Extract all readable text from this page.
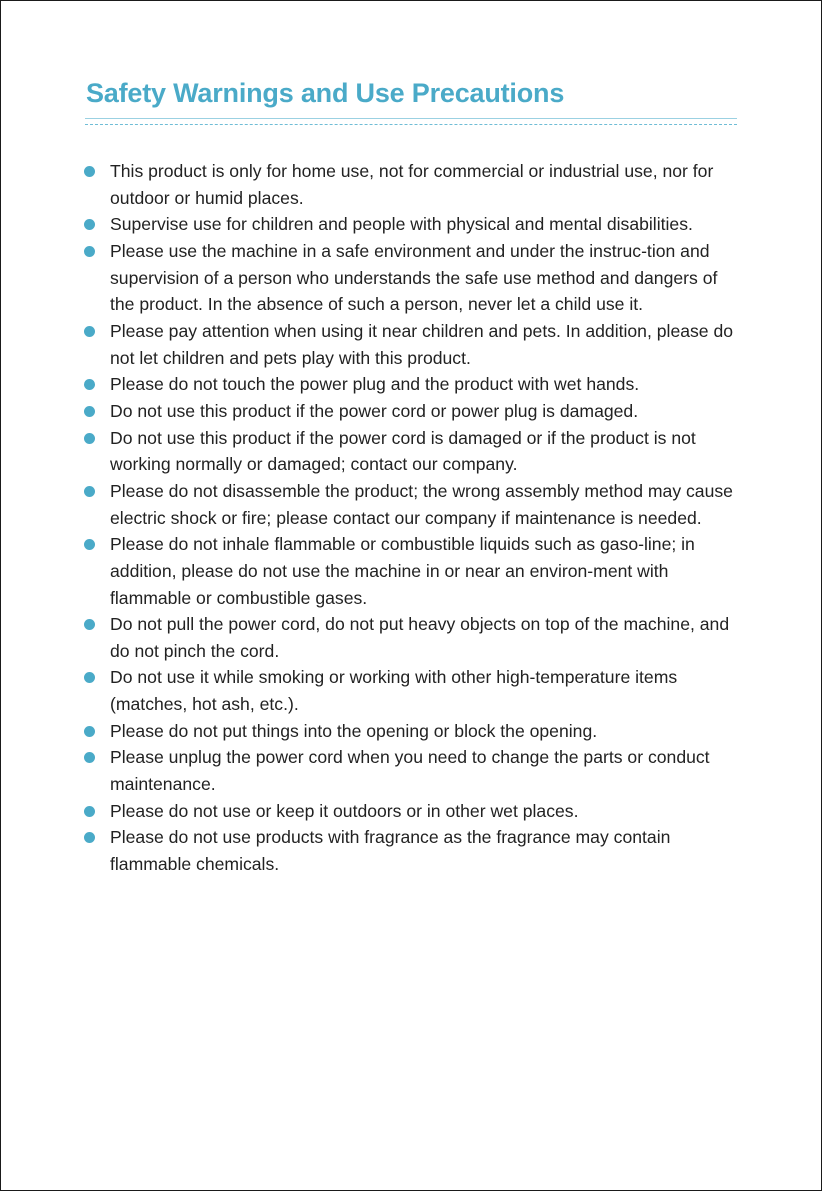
Safety Warnings and Use Precautions
This product is only for home use, not for commercial or industrial use, nor for outdoor or humid places.
Supervise use for children and people with physical and mental disabilities.
Please use the machine in a safe environment and under the instruc-tion and supervision of a person who understands the safe use method and dangers of the product. In the absence of such a person, never let a child use it.
Please pay attention when using it near children and pets. In addition, please do not let children and pets play with this product.
Please do not touch the power plug and the product with wet hands.
Do not use this product if the power cord or power plug is damaged.
Do not use this product if the power cord is damaged or if the product is not working normally or damaged; contact our company.
Please do not disassemble the product; the wrong assembly method may cause electric shock or fire; please contact our company if maintenance is needed.
Please do not inhale flammable or combustible liquids such as gaso-line; in addition, please do not use the machine in or near an environ-ment with flammable or combustible gases.
Do not pull the power cord, do not put heavy objects on top of the machine, and do not pinch the cord.
Do not use it while smoking or working with other high-temperature items (matches, hot ash, etc.).
Please do not put things into the opening or block the opening.
Please unplug the power cord when you need to change the parts or conduct maintenance.
Please do not use or keep it outdoors or in other wet places.
Please do not use products with fragrance as the fragrance may contain flammable chemicals.
